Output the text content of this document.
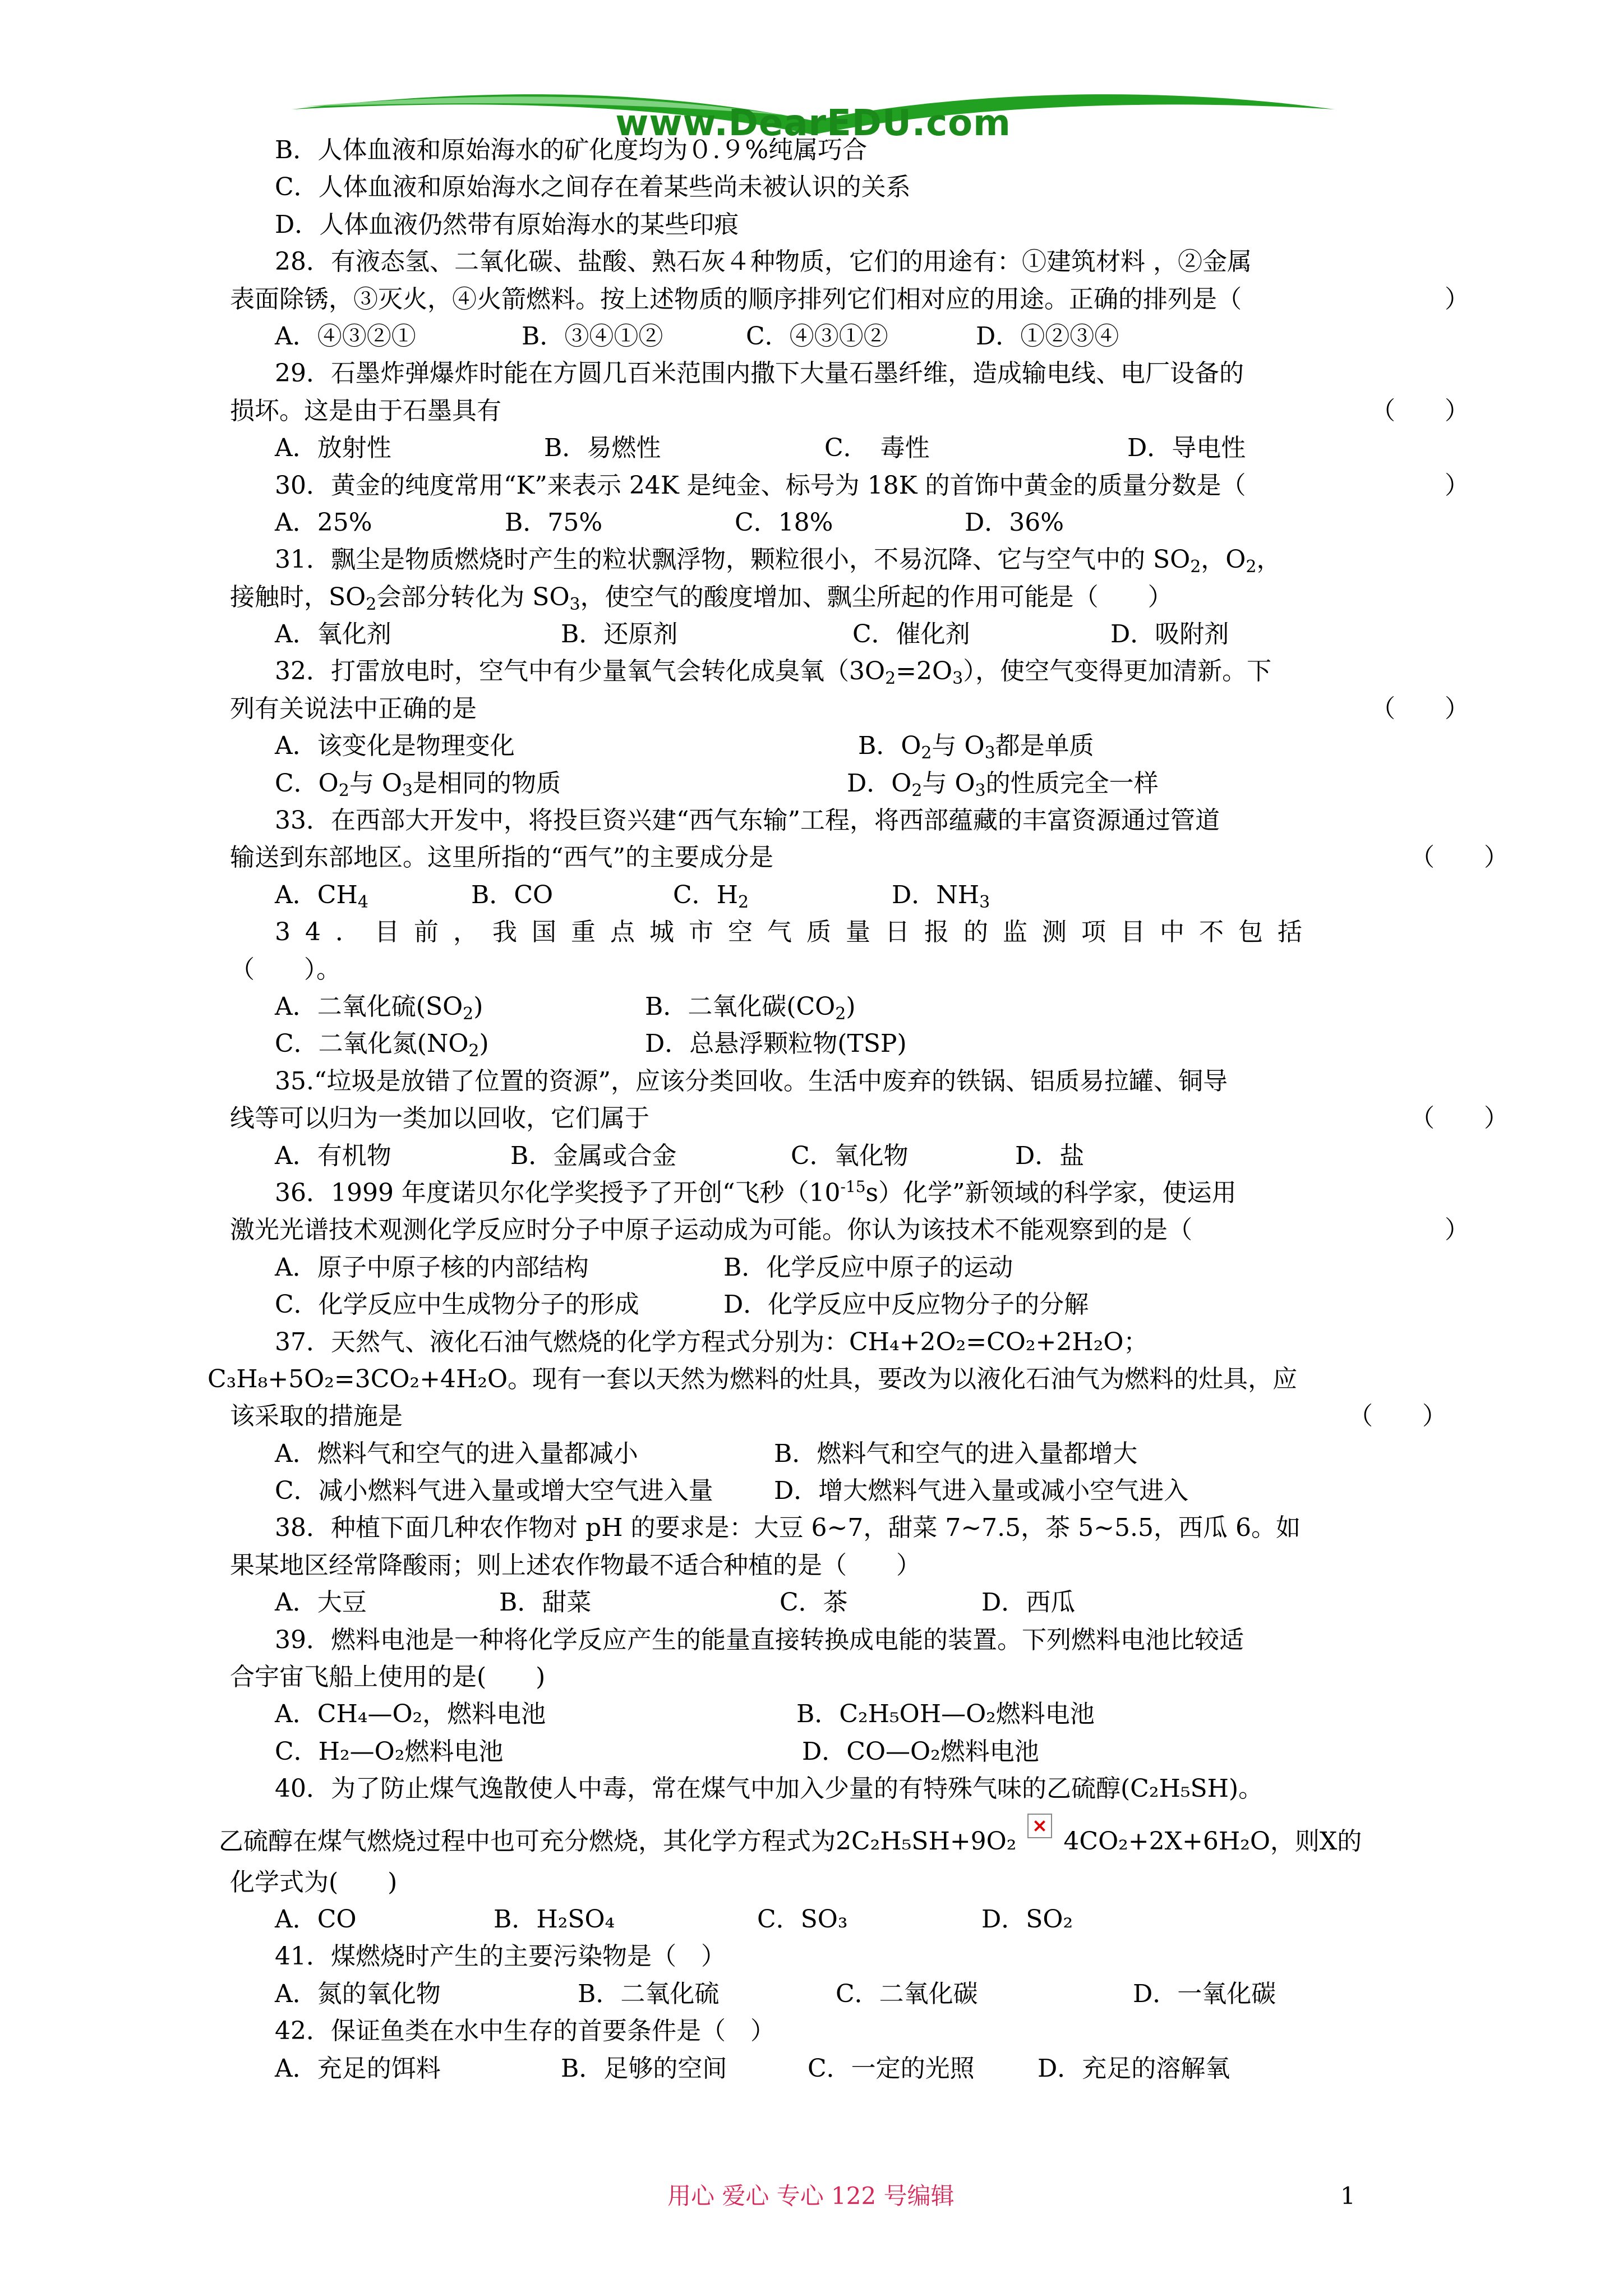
www.DearEDU.com
B．人体血液和原始海水的矿化度均为０.９%纯属巧合
C．人体血液和原始海水之间存在着某些尚未被认识的关系
D．人体血液仍然带有原始海水的某些印痕
28．有液态氢、二氧化碳、盐酸、熟石灰４种物质，它们的用途有：①建筑材料 ，②金属
表面除锈，③灭火，④火箭燃料。按上述物质的顺序排列它们相对应的用途。正确的排列是（	）

A．④③②①

	B．③④①②

	C．④③①②

	D．①②③④

29．石墨炸弹爆炸时能在方圆几百米范围内撒下大量石墨纤维，造成输电线、电厂设备的
损坏。这是由于石墨具有	（　　）

A．放射性

	B．易燃性

	C．　毒性

	D．导电性

30．黄金的纯度常用“K”来表示 24K 是纯金、标号为 18K 的首饰中黄金的质量分数是（	）

A．25%

	B．75%

	C．18%

	D．36%

31．飘尘是物质燃烧时产生的粒状飘浮物，颗粒很小，不易沉降、它与空气中的 $SO_2$，$O_2$，
接触时，$SO_2$会部分转化为 $SO_3$，使空气的酸度增加、飘尘所起的作用可能是（　　）

A．氧化剂

	B．还原剂

	C．催化剂

	D．吸附剂

32．打雷放电时，空气中有少量氧气会转化成臭氧$(3O_2=2O_3)$，使空气变得更加清新。下
列有关说法中正确的是	（　　）

A．该变化是物理变化

	B．$O_2$与 $O_3$都是单质

C．$O_2$与 $O_3$是相同的物质

	D．$O_2$与 $O_3$的性质完全一样

33．在西部大开发中，将投巨资兴建“西气东输”工程，将西部蕴藏的丰富资源通过管道
输送到东部地区。这里所指的“西气”的主要成分是	（　　）

A．$CH_4$

	B．CO

	C．$H_2$

	D．$NH_3$

34．目前，我国重点城市空气质量日报的监测项目中不包括
（　　）。

A．二氧化硫$(SO_2)$

	B．二氧化碳$(CO_2)$

C．二氧化氮$(NO_2)$

	D．总悬浮颗粒物(TSP)

35.“垃圾是放错了位置的资源”，应该分类回收。生活中废弃的铁锅、铝质易拉罐、铜导
线等可以归为一类加以回收，它们属于	（　　）

A．有机物

	B．金属或合金

	C．氧化物

	D．盐

36．1999 年度诺贝尔化学奖授予了开创“飞秒$(10^{-15}s)$化学”新领域的科学家，使运用
激光光谱技术观测化学反应时分子中原子运动成为可能。你认为该技术不能观察到的是（	）

A．原子中原子核的内部结构

	B．化学反应中原子的运动

C．化学反应中生成物分子的形成

	D．化学反应中反应物分子的分解

37．天然气、液化石油气燃烧的化学方程式分别为：CH₄+2O₂=CO₂+2H₂O；
C₃H₈+5O₂=3CO₂+4H₂O。现有一套以天然为燃料的灶具，要改为以液化石油气为燃料的灶具，应
该采取的措施是	（　　）

A．燃料气和空气的进入量都减小

	B．燃料气和空气的进入量都增大

C．减小燃料气进入量或增大空气进入量

D．增大燃料气进入量或减小空气进入

38．种植下面几种农作物对 pH 的要求是：大豆 6~7，甜菜 7~7.5，茶 5~5.5，西瓜 6。如
果某地区经常降酸雨；则上述农作物最不适合种植的是（　　）

A．大豆

	B．甜菜

	C．茶

	D．西瓜

39．燃料电池是一种将化学反应产生的能量直接转换成电能的装置。下列燃料电池比较适
合宇宙飞船上使用的是(　　)

A．CH₄—O₂，燃料电池

	B．C₂H₅OH—O₂燃料电池

C．H₂—O₂燃料电池

	D．CO—O₂燃料电池

40．为了防止煤气逸散使人中毒，常在煤气中加入少量的有特殊气味的乙硫醇(C₂H₅SH)。
乙硫醇在煤气燃烧过程中也可充分燃烧，其化学方程式为2C₂H₅SH+9O₂ 4CO₂+2X+6H₂O，则X的
化学式为(　　)

A．CO

	B．H₂SO₄

	C．SO₃

	D．SO₂

41．煤燃烧时产生的主要污染物是（　）

A．氮的氧化物

	B．二氧化硫

	C．二氧化碳

	D．一氧化碳

42．保证鱼类在水中生存的首要条件是（　）

A．充足的饵料

	B．足够的空间

	C．一定的光照

	D．充足的溶解氧

用心 爱心 专心 122 号编辑	1
